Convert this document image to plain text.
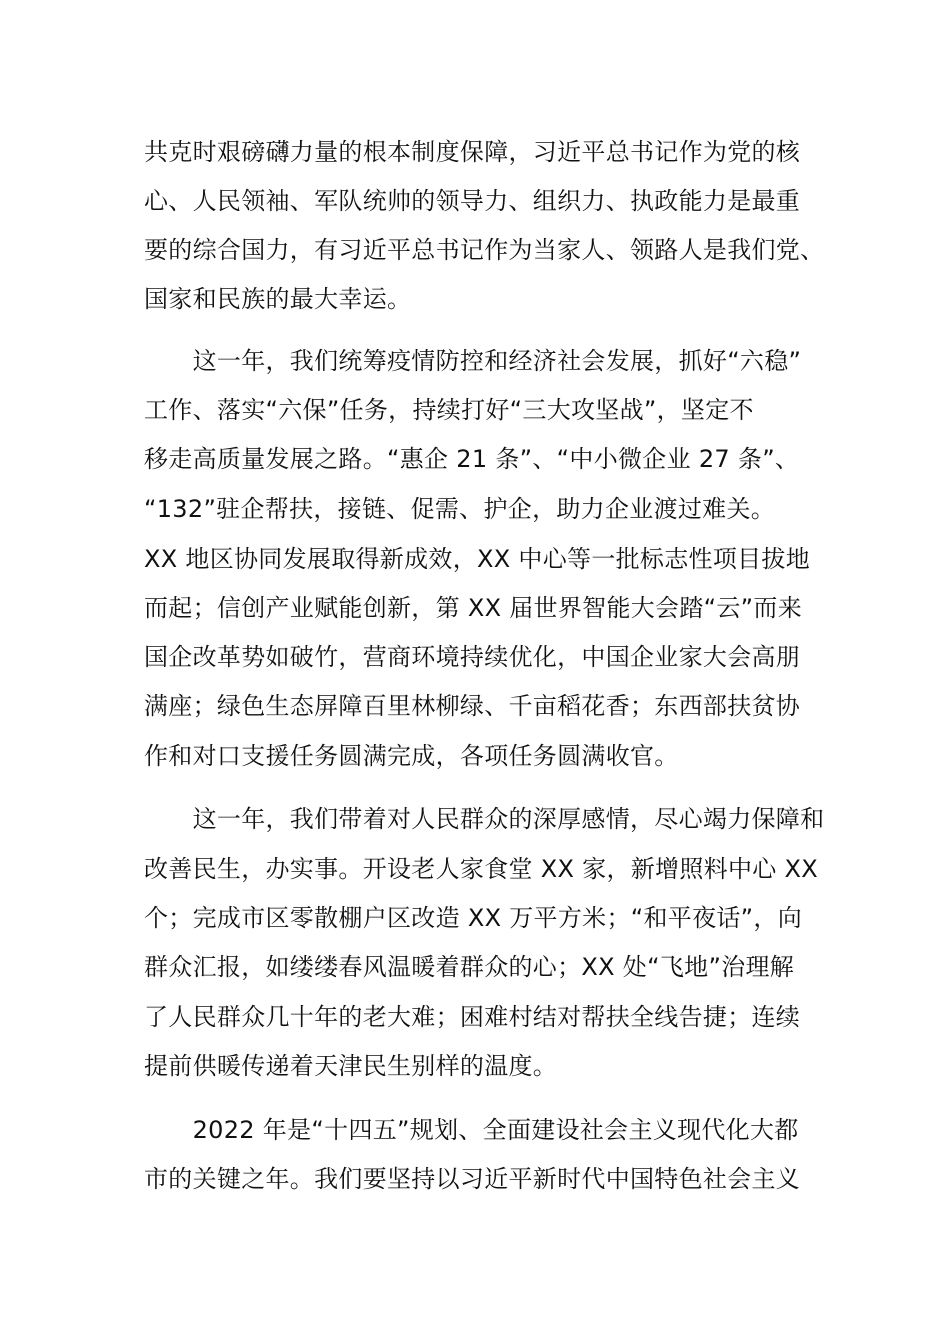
共克时艰磅礴力量的根本制度保障，习近平总书记作为党的核
心、人民领袖、军队统帅的领导力、组织力、执政能力是最重
要的综合国力，有习近平总书记作为当家人、领路人是我们党、
国家和民族的最大幸运。
　　这一年，我们统筹疫情防控和经济社会发展，抓好“六稳”
工作、落实“六保”任务，持续打好“三大攻坚战”，坚定不
移走高质量发展之路。“惠企 21 条”、“中小微企业 27 条”、
“132”驻企帮扶，接链、促需、护企，助力企业渡过难关。
XX 地区协同发展取得新成效，XX 中心等一批标志性项目拔地
而起；信创产业赋能创新，第 XX 届世界智能大会踏“云”而来
国企改革势如破竹，营商环境持续优化，中国企业家大会高朋
满座；绿色生态屏障百里林柳绿、千亩稻花香；东西部扶贫协
作和对口支援任务圆满完成，各项任务圆满收官。
　　这一年，我们带着对人民群众的深厚感情，尽心竭力保障和
改善民生，办实事。开设老人家食堂 XX 家，新增照料中心 XX
个；完成市区零散棚户区改造 XX 万平方米；“和平夜话”，向
群众汇报，如缕缕春风温暖着群众的心；XX 处“飞地”治理解
了人民群众几十年的老大难；困难村结对帮扶全线告捷；连续
提前供暖传递着天津民生别样的温度。
　　2022 年是“十四五”规划、全面建设社会主义现代化大都
市的关键之年。我们要坚持以习近平新时代中国特色社会主义
